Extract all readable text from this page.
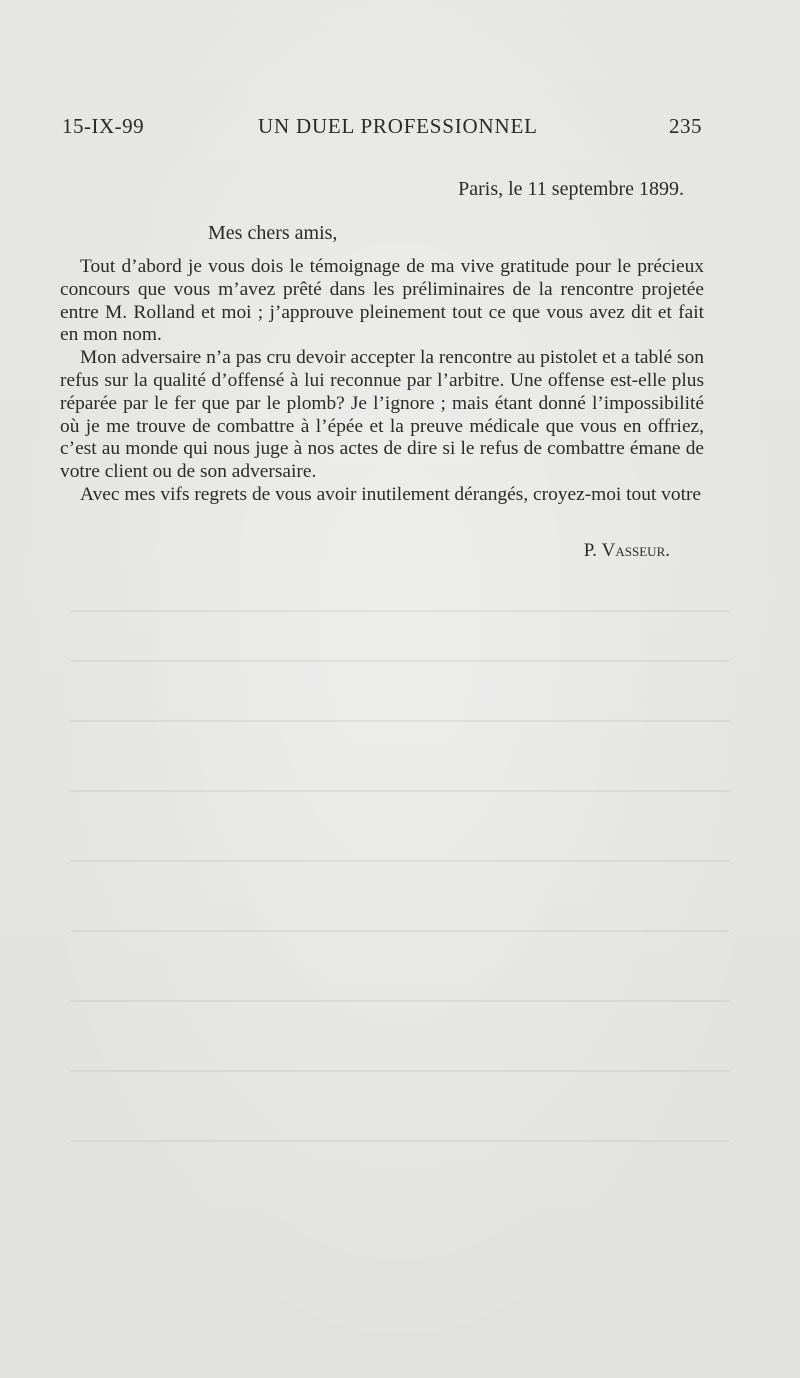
15-IX-99	UN DUEL PROFESSIONNEL	235
Paris, le 11 septembre 1899.
Mes chers amis,

Tout d’abord je vous dois le témoignage de ma vive gratitude pour le précieux concours que vous m’avez prêté dans les préliminaires de la rencontre projetée entre M. Rolland et moi ; j’approuve pleinement tout ce que vous avez dit et fait en mon nom.

Mon adversaire n’a pas cru devoir accepter la rencontre au pistolet et a tablé son refus sur la qualité d’offensé à lui reconnue par l’arbitre. Une offense est-elle plus réparée par le fer que par le plomb? Je l’ignore ; mais étant donné l’impossibilité où je me trouve de combattre à l’épée et la preuve médicale que vous en offriez, c’est au monde qui nous juge à nos actes de dire si le refus de combattre émane de votre client ou de son adversaire.

Avec mes vifs regrets de vous avoir inutilement dérangés, croyez-moi tout votre

P. Vasseur.
